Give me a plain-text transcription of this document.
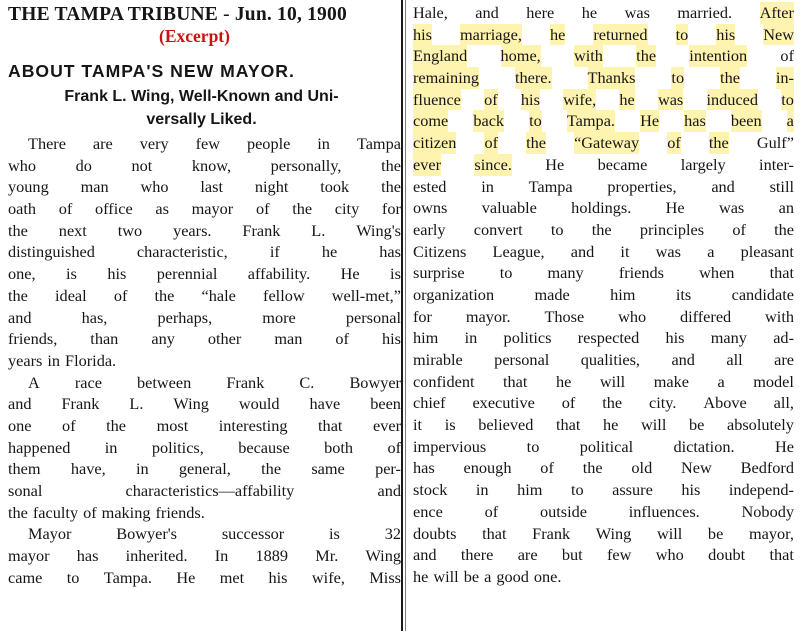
THE TAMPA TRIBUNE - Jun. 10, 1900
(Excerpt)
ABOUT TAMPA'S NEW MAYOR.
Frank L. Wing, Well-Known and Uni-
versally Liked.
There are very few people in Tampa
who do not know, personally, the
young man who last night took the
oath of office as mayor of the city for
the next two years. Frank L. Wing's
distinguished	characteristic,	if	he	has
one, is his perennial affability. He is
the ideal of the “hale fellow well-met,”
and	has,	perhaps,	more	personal
friends, than any other man of his
years in Florida.
A race between Frank C. Bowyer
and Frank L. Wing would have been
one of the most interesting that ever
happened in politics, because both of
them have, in general, the same per-
sonal	characteristics—affability	and
the faculty of making friends.
Mayor	Bowyer's	successor	is	32
mayor has inherited. In 1889 Mr. Wing
came to Tampa. He met his wife, Miss
Hale, and here he was married. After
his marriage, he returned to his New
England home, with the intention of
remaining there. Thanks to the in-
fluence of his wife, he was induced to
come back to Tampa. He has been a
citizen of the “Gateway of the Gulf”
ever since. He became largely inter-
ested in Tampa properties, and still
owns valuable holdings. He was an
early convert to the principles of the
Citizens League, and it was a pleasant
surprise to many friends when that
organization made him its candidate
for mayor. Those who differed with
him in politics respected his many ad-
mirable personal qualities, and all are
confident that he will make a model
chief executive of the city. Above all,
it is believed that he will be absolutely
impervious to political dictation. He
has enough of the old New Bedford
stock in him to assure his independ-
ence	of	outside	influences.	Nobody
doubts that Frank Wing will be mayor,
and there are but few who doubt that
he will be a good one.
